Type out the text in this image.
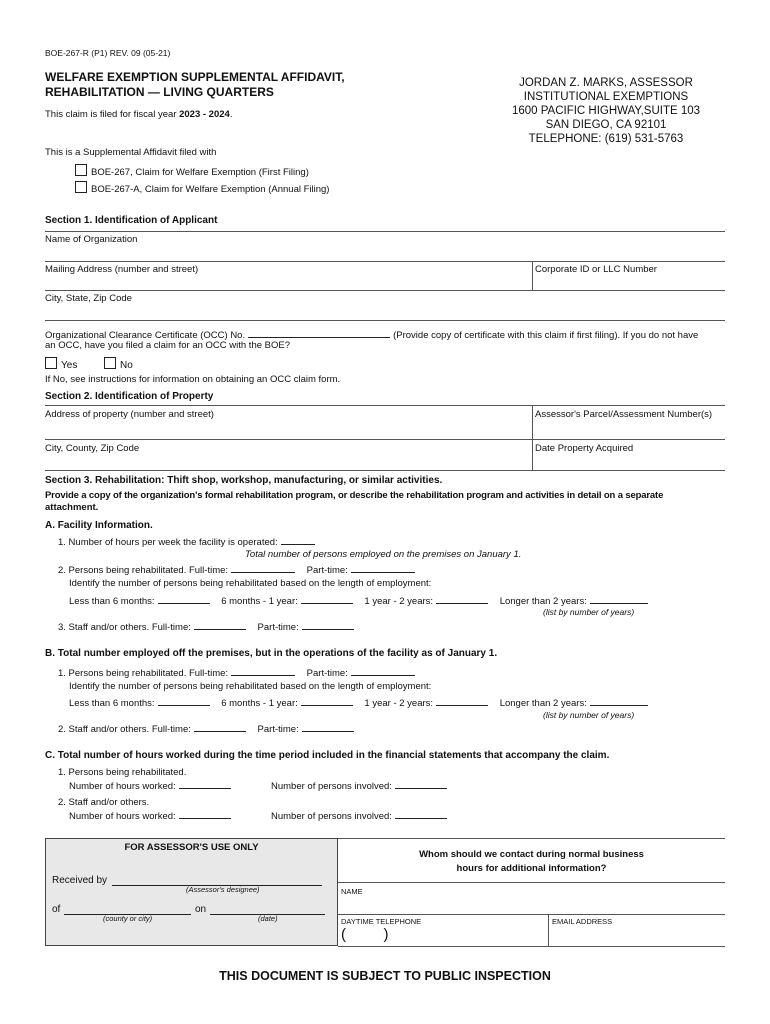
BOE-267-R (P1) REV. 09 (05-21)
WELFARE EXEMPTION SUPPLEMENTAL AFFIDAVIT,
REHABILITATION — LIVING QUARTERS
This claim is filed for fiscal year 2023 - 2024.
JORDAN Z. MARKS, ASSESSOR
INSTITUTIONAL EXEMPTIONS
1600 PACIFIC HIGHWAY,SUITE 103
SAN DIEGO, CA 92101
TELEPHONE: (619) 531-5763
This is a Supplemental Affidavit filed with
BOE-267, Claim for Welfare Exemption (First Filing)
BOE-267-A, Claim for Welfare Exemption (Annual Filing)
Section 1. Identification of Applicant
Name of Organization
Mailing Address (number and street)	Corporate ID or LLC Number
City, State, Zip Code
Organizational Clearance Certificate (OCC) No.	(Provide copy of certificate with this claim if first filing). If you do not have
an OCC, have you filed a claim for an OCC with the BOE?
Yes	No
If No, see instructions for information on obtaining an OCC claim form.
Section 2. Identification of Property
Address of property (number and street)	Assessor's Parcel/Assessment Number(s)
City, County, Zip Code	Date Property Acquired
Section 3. Rehabilitation: Thift shop, workshop, manufacturing, or similar activities.
Provide a copy of the organization's formal rehabilitation program, or describe the rehabilitation program and activities in detail on a separate
attachment.
A. Facility Information.
1. Number of hours per week the facility is operated:
Total number of persons employed on the premises on January 1.
2. Persons being rehabilitated. Full-time:	Part-time:
Identify the number of persons being rehabilitated based on the length of employment:
Less than 6 months:	6 months - 1 year:	1 year - 2 years:	Longer than 2 years:
(list by number of years)
3. Staff and/or others. Full-time:	Part-time:
B. Total number employed off the premises, but in the operations of the facility as of January 1.
1. Persons being rehabilitated. Full-time:	Part-time:
Identify the number of persons being rehabilitated based on the length of employment:
Less than 6 months:	6 months - 1 year:	1 year - 2 years:	Longer than 2 years:
(list by number of years)
2. Staff and/or others. Full-time:	Part-time:
C. Total number of hours worked during the time period included in the financial statements that accompany the claim.
1. Persons being rehabilitated.
Number of hours worked:	Number of persons involved:
2. Staff and/or others.
Number of hours worked:	Number of persons involved:
FOR ASSESSOR'S USE ONLY
Received by
(Assessor's designee)
of	on
(county or city)	(date)
Whom should we contact during normal business
hours for additional information?
NAME
DAYTIME TELEPHONE
(         )
EMAIL ADDRESS
THIS DOCUMENT IS SUBJECT TO PUBLIC INSPECTION
